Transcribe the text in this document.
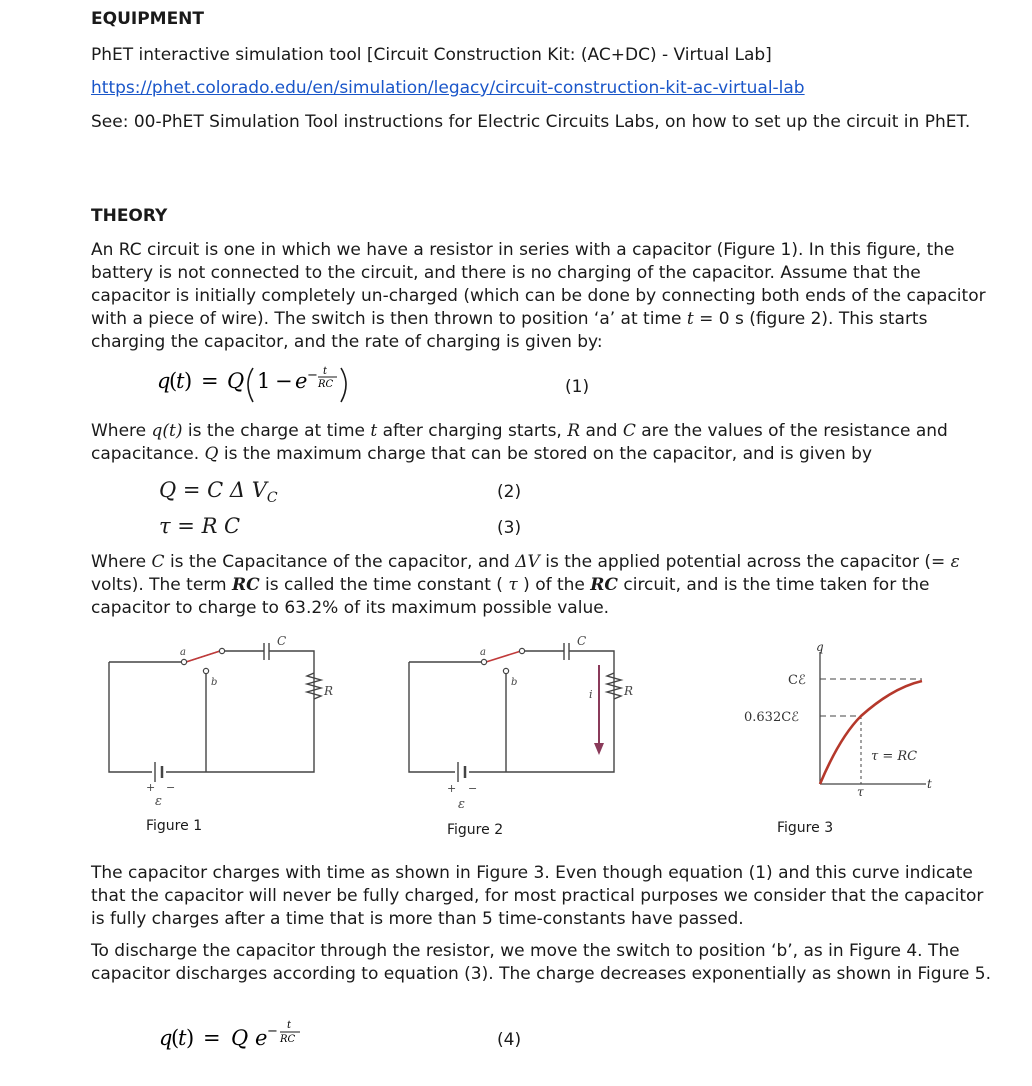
EQUIPMENT
PhET interactive simulation tool [Circuit Construction Kit: (AC+DC) - Virtual Lab]
https://phet.colorado.edu/en/simulation/legacy/circuit-construction-kit-ac-virtual-lab
See: 00-PhET Simulation Tool instructions for Electric Circuits Labs, on how to set up the circuit in PhET.
THEORY
An RC circuit is one in which we have a resistor in series with a capacitor (Figure 1). In this figure, the battery is not connected to the circuit, and there is no charging of the capacitor. Assume that the capacitor is initially completely un-charged (which can be done by connecting both ends of the capacitor with a piece of wire). The switch is then thrown to position ‘a’ at time t = 0 s (figure 2). This starts charging the capacitor, and the rate of charging is given by:
q
(
t ) = Q 1 − e − t
RC	(1)
Where q(t) is the charge at time t after charging starts, R and C are the values of the resistance and capacitance. Q is the maximum charge that can be stored on the capacitor, and is given by
Q = C Δ $V_C$	(2)
τ = R C	(3)
Where C is the Capacitance of the capacitor, and ΔV is the applied potential across the capacitor (= ε volts). The term RC is called the time constant ( τ ) of the RC circuit, and is the time taken for the capacitor to charge to 63.2% of its maximum possible value.
a
b
C
R
+ −
ε
Figure 1
a
b
C
R
i
+ −
ε
Figure 2
q
Cℰ
0.632Cℰ
τ = RC
τ
t
Figure 3
The capacitor charges with time as shown in Figure 3. Even though equation (1) and this curve indicate that the capacitor will never be fully charged, for most practical purposes we consider that the capacitor is fully charges after a time that is more than 5 time-constants have passed.
To discharge the capacitor through the resistor, we move the switch to position ‘b’, as in Figure 4. The capacitor discharges according to equation (3). The charge decreases exponentially as shown in Figure 5.
q
(
t ) = Q e − t
RC	(4)
